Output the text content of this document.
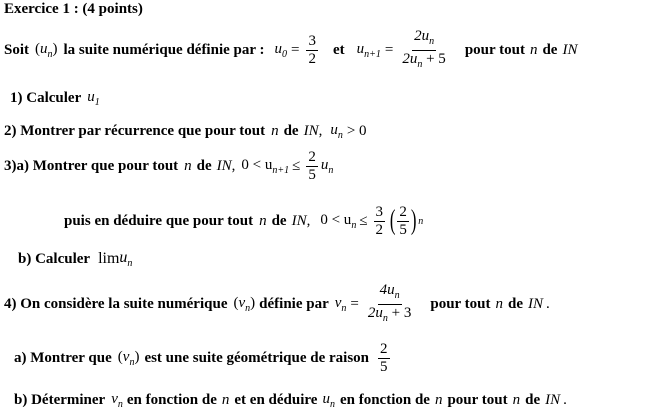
Exercice 1 : (4 points)
Soit $(u_n)$ la suite numérique définie par : $u_0 = \frac{3}{2}$ et $u_{n+1} = \frac{2u_n}{2u_n + 5}$ pour tout n de IN
1) Calculer $u_1$
2) Montrer par récurrence que pour tout n de IN , $u_n > 0$
3)a) Montrer que pour tout n de IN , $0 < u_{n+1} \le \frac{2}{5} u_n$
puis en déduire que pour tout n de IN , $0 < u_n \le \frac{3}{2}$ ( $\frac{2}{5}$ ) n
b) Calculer $\lim u_n$
4) On considère la suite numérique $(v_n)$ définie par $v_n = \frac{4u_n}{2u_n + 3}$ pour tout n de IN .
a) Montrer que $(v_n)$ est une suite géométrique de raison $\frac{2}{5}$
b) Déterminer $v_n$ en fonction de n et en déduire $u_n$ en fonction de n pour tout n de IN .
